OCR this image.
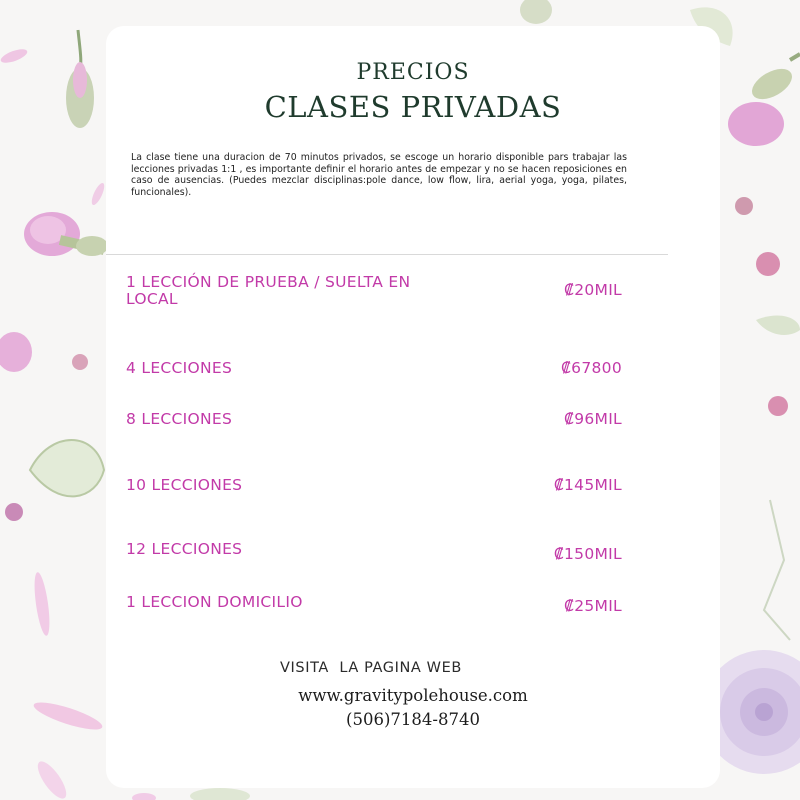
PRECIOS
CLASES PRIVADAS
La clase tiene una duracion de 70 minutos privados, se escoge un horario disponible pars trabajar las lecciones privadas 1:1 , es importante definir el horario antes de empezar y no se hacen reposiciones en caso de ausencias. (Puedes mezclar disciplinas:pole dance, low flow, lira, aerial yoga, yoga, pilates, funcionales).
1 LECCIÓN DE PRUEBA / SUELTA EN LOCAL	₡20MIL
4 LECCIONES	₡67800
8 LECCIONES	₡96MIL
10 LECCIONES	₡145MIL
12 LECCIONES	₡150MIL
1 LECCION DOMICILIO	₡25MIL
VISITA  LA PAGINA WEB
www.gravitypolehouse.com
(506)7184-8740
